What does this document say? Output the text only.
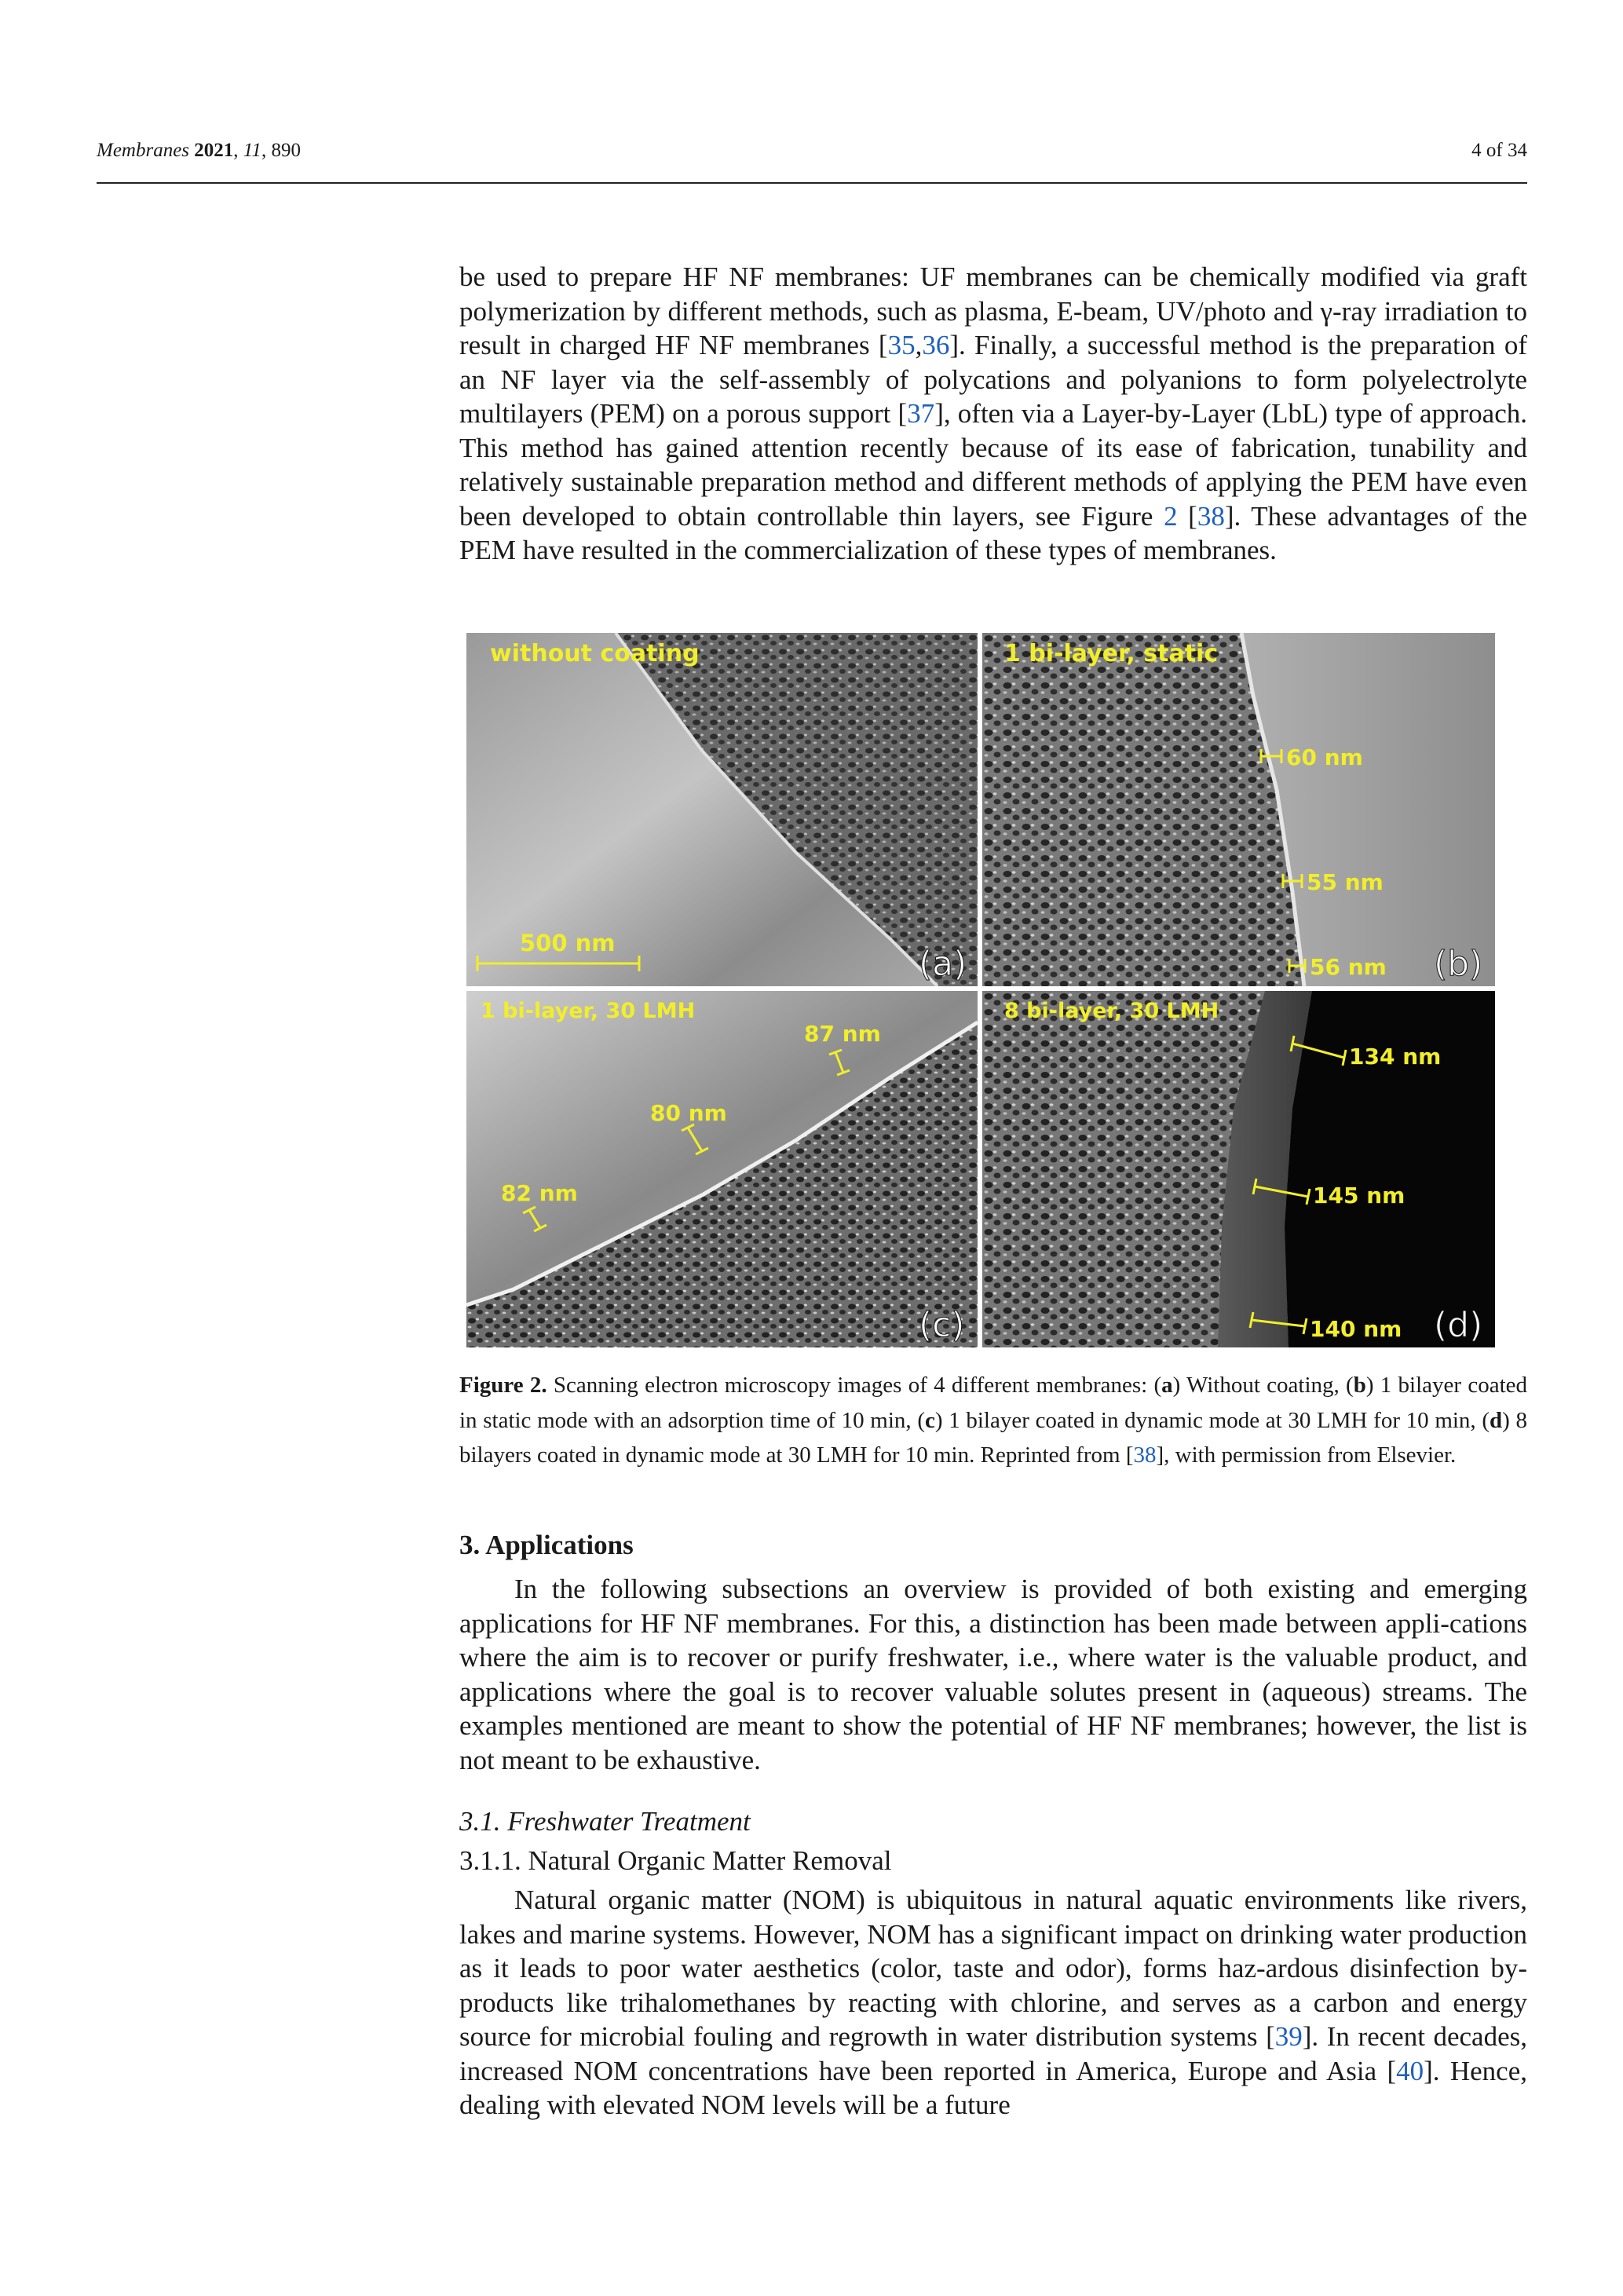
Membranes 2021, 11, 890	4 of 34

be used to prepare HF NF membranes: UF membranes can be chemically modified via graft polymerization by different methods, such as plasma, E-beam, UV/photo and γ-ray irradiation to result in charged HF NF membranes [35,36]. Finally, a successful method is the preparation of an NF layer via the self-assembly of polycations and polyanions to form polyelectrolyte multilayers (PEM) on a porous support [37], often via a Layer-by-Layer (LbL) type of approach. This method has gained attention recently because of its ease of fabrication, tunability and relatively sustainable preparation method and different methods of applying the PEM have even been developed to obtain controllable thin layers, see Figure 2 [38]. These advantages of the PEM have resulted in the commercialization of these types of membranes.

without coating
500 nm
1 bi-layer, static
60 nm
55 nm
56 nm
1 bi-layer, 30 LMH
87 nm
80 nm
82 nm
8 bi-layer, 30 LMH
134 nm
145 nm
140 nm
(a)	(b)
(c)	(d)

Figure 2. Scanning electron microscopy images of 4 different membranes: (a) Without coating, (b) 1 bilayer coated in static mode with an adsorption time of 10 min, (c) 1 bilayer coated in dynamic mode at 30 LMH for 10 min, (d) 8 bilayers coated in dynamic mode at 30 LMH for 10 min. Reprinted from [38], with permission from Elsevier.

3. Applications

In the following subsections an overview is provided of both existing and emerging applications for HF NF membranes. For this, a distinction has been made between appli-cations where the aim is to recover or purify freshwater, i.e., where water is the valuable product, and applications where the goal is to recover valuable solutes present in (aqueous) streams. The examples mentioned are meant to show the potential of HF NF membranes; however, the list is not meant to be exhaustive.

3.1. Freshwater Treatment

3.1.1. Natural Organic Matter Removal

Natural organic matter (NOM) is ubiquitous in natural aquatic environments like rivers, lakes and marine systems. However, NOM has a significant impact on drinking water production as it leads to poor water aesthetics (color, taste and odor), forms haz-ardous disinfection by-products like trihalomethanes by reacting with chlorine, and serves as a carbon and energy source for microbial fouling and regrowth in water distribution systems [39]. In recent decades, increased NOM concentrations have been reported in America, Europe and Asia [40]. Hence, dealing with elevated NOM levels will be a future
